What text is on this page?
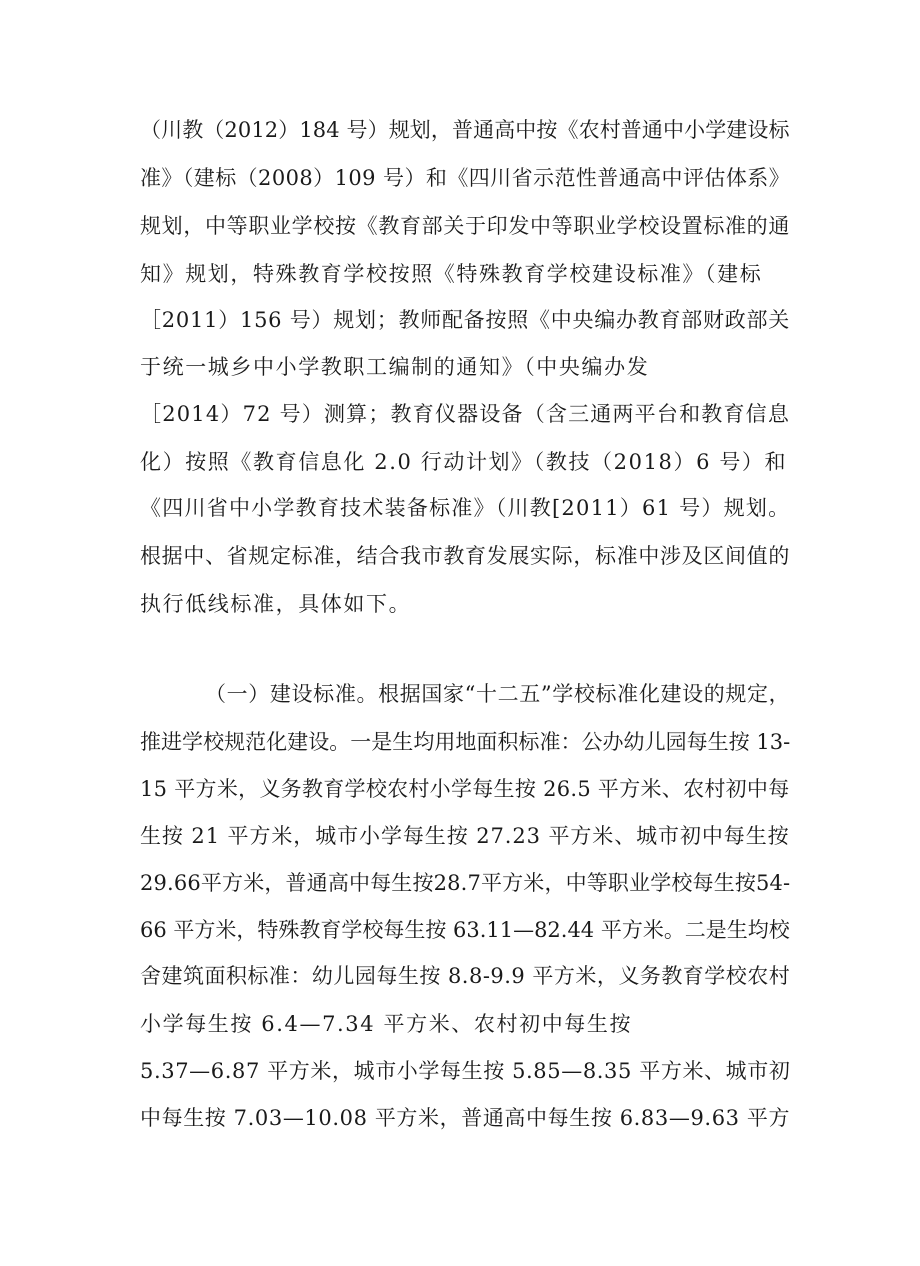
（川教（2012）184 号）规划，普通高中按《农村普通中小学建设标
准》（建标（2008）109 号）和《四川省示范性普通高中评估体系》
规划，中等职业学校按《教育部关于印发中等职业学校设置标准的通
知》规划，特殊教育学校按照《特殊教育学校建设标准》（建标
［2011）156 号）规划；教师配备按照《中央编办教育部财政部关
于统一城乡中小学教职工编制的通知》（中央编办发
［2014）72 号）测算；教育仪器设备（含三通两平台和教育信息
化）按照《教育信息化 2.0 行动计划》（教技（2018）6 号）和
《四川省中小学教育技术装备标准》（川教[2011）61 号）规划。
根据中、省规定标准，结合我市教育发展实际，标准中涉及区间值的
执行低线标准，具体如下。
（一）建设标准。根据国家“十二五”学校标准化建设的规定，
推进学校规范化建设。一是生均用地面积标准：公办幼儿园每生按 13-
15 平方米，义务教育学校农村小学每生按 26.5 平方米、农村初中每
生按 21 平方米，城市小学每生按 27.23 平方米、城市初中每生按
29.66平方米，普通高中每生按28.7平方米，中等职业学校每生按54-
66 平方米，特殊教育学校每生按 63.11—82.44 平方米。二是生均校
舍建筑面积标准：幼儿园每生按 8.8-9.9 平方米，义务教育学校农村
小学每生按 6.4—7.34 平方米、农村初中每生按
5.37—6.87 平方米，城市小学每生按 5.85—8.35 平方米、城市初
中每生按 7.03—10.08 平方米，普通高中每生按 6.83—9.63 平方
